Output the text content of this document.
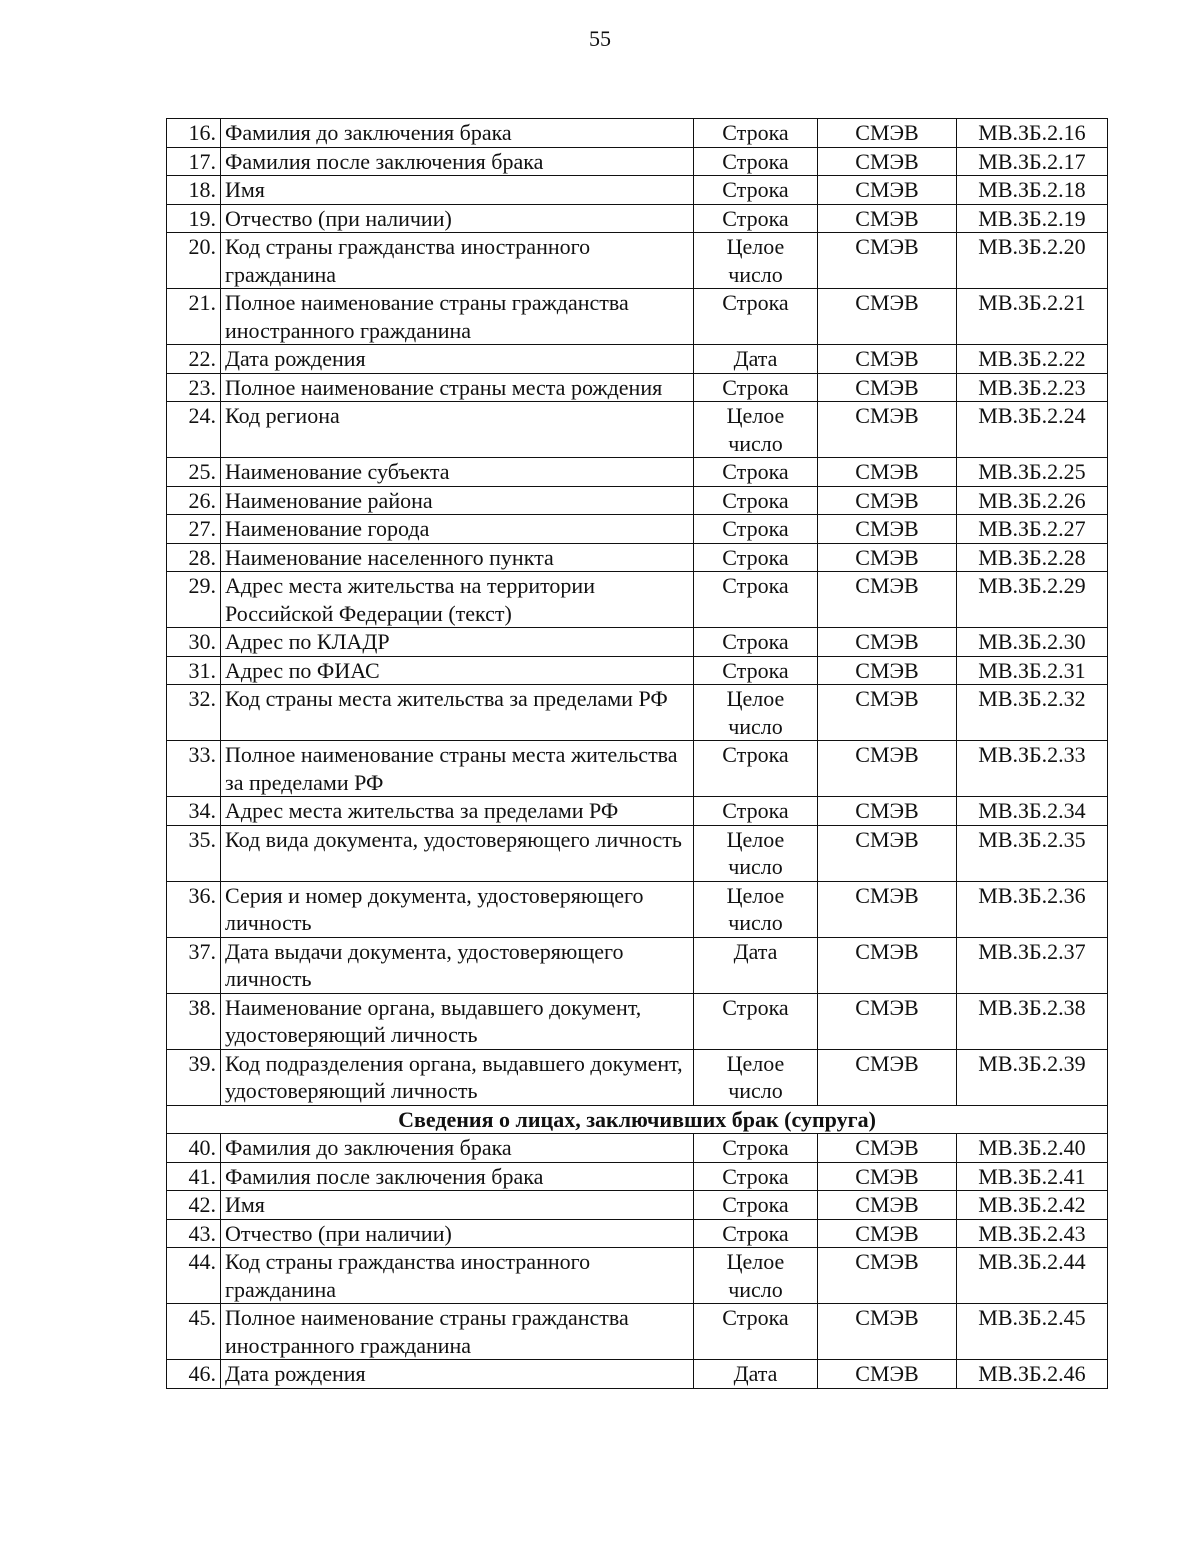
55
16.	Фамилия до заключения брака	Строка	СМЭВ	МВ.ЗБ.2.16
17.	Фамилия после заключения брака	Строка	СМЭВ	МВ.ЗБ.2.17
18.	Имя	Строка	СМЭВ	МВ.ЗБ.2.18
19.	Отчество (при наличии)	Строка	СМЭВ	МВ.ЗБ.2.19
20.	Код страны гражданства иностранного гражданина	Целое число	СМЭВ	МВ.ЗБ.2.20
21.	Полное наименование страны гражданства иностранного гражданина	Строка	СМЭВ	МВ.ЗБ.2.21
22.	Дата рождения	Дата	СМЭВ	МВ.ЗБ.2.22
23.	Полное наименование страны места рождения	Строка	СМЭВ	МВ.ЗБ.2.23
24.	Код региона	Целое число	СМЭВ	МВ.ЗБ.2.24
25.	Наименование субъекта	Строка	СМЭВ	МВ.ЗБ.2.25
26.	Наименование района	Строка	СМЭВ	МВ.ЗБ.2.26
27.	Наименование города	Строка	СМЭВ	МВ.ЗБ.2.27
28.	Наименование населенного пункта	Строка	СМЭВ	МВ.ЗБ.2.28
29.	Адрес места жительства на территории Российской Федерации (текст)	Строка	СМЭВ	МВ.ЗБ.2.29
30.	Адрес по КЛАДР	Строка	СМЭВ	МВ.ЗБ.2.30
31.	Адрес по ФИАС	Строка	СМЭВ	МВ.ЗБ.2.31
32.	Код страны места жительства за пределами РФ	Целое число	СМЭВ	МВ.ЗБ.2.32
33.	Полное наименование страны места жительства за пределами РФ	Строка	СМЭВ	МВ.ЗБ.2.33
34.	Адрес места жительства за пределами РФ	Строка	СМЭВ	МВ.ЗБ.2.34
35.	Код вида документа, удостоверяющего личность	Целое число	СМЭВ	МВ.ЗБ.2.35
36.	Серия и номер документа, удостоверяющего личность	Целое число	СМЭВ	МВ.ЗБ.2.36
37.	Дата выдачи документа, удостоверяющего личность	Дата	СМЭВ	МВ.ЗБ.2.37
38.	Наименование органа, выдавшего документ, удостоверяющий личность	Строка	СМЭВ	МВ.ЗБ.2.38
39.	Код подразделения органа, выдавшего документ, удостоверяющий личность	Целое число	СМЭВ	МВ.ЗБ.2.39
Сведения о лицах, заключивших брак (супруга)				
40.	Фамилия до заключения брака	Строка	СМЭВ	МВ.ЗБ.2.40
41.	Фамилия после заключения брака	Строка	СМЭВ	МВ.ЗБ.2.41
42.	Имя	Строка	СМЭВ	МВ.ЗБ.2.42
43.	Отчество (при наличии)	Строка	СМЭВ	МВ.ЗБ.2.43
44.	Код страны гражданства иностранного гражданина	Целое число	СМЭВ	МВ.ЗБ.2.44
45.	Полное наименование страны гражданства иностранного гражданина	Строка	СМЭВ	МВ.ЗБ.2.45
46.	Дата рождения	Дата	СМЭВ	МВ.ЗБ.2.46
